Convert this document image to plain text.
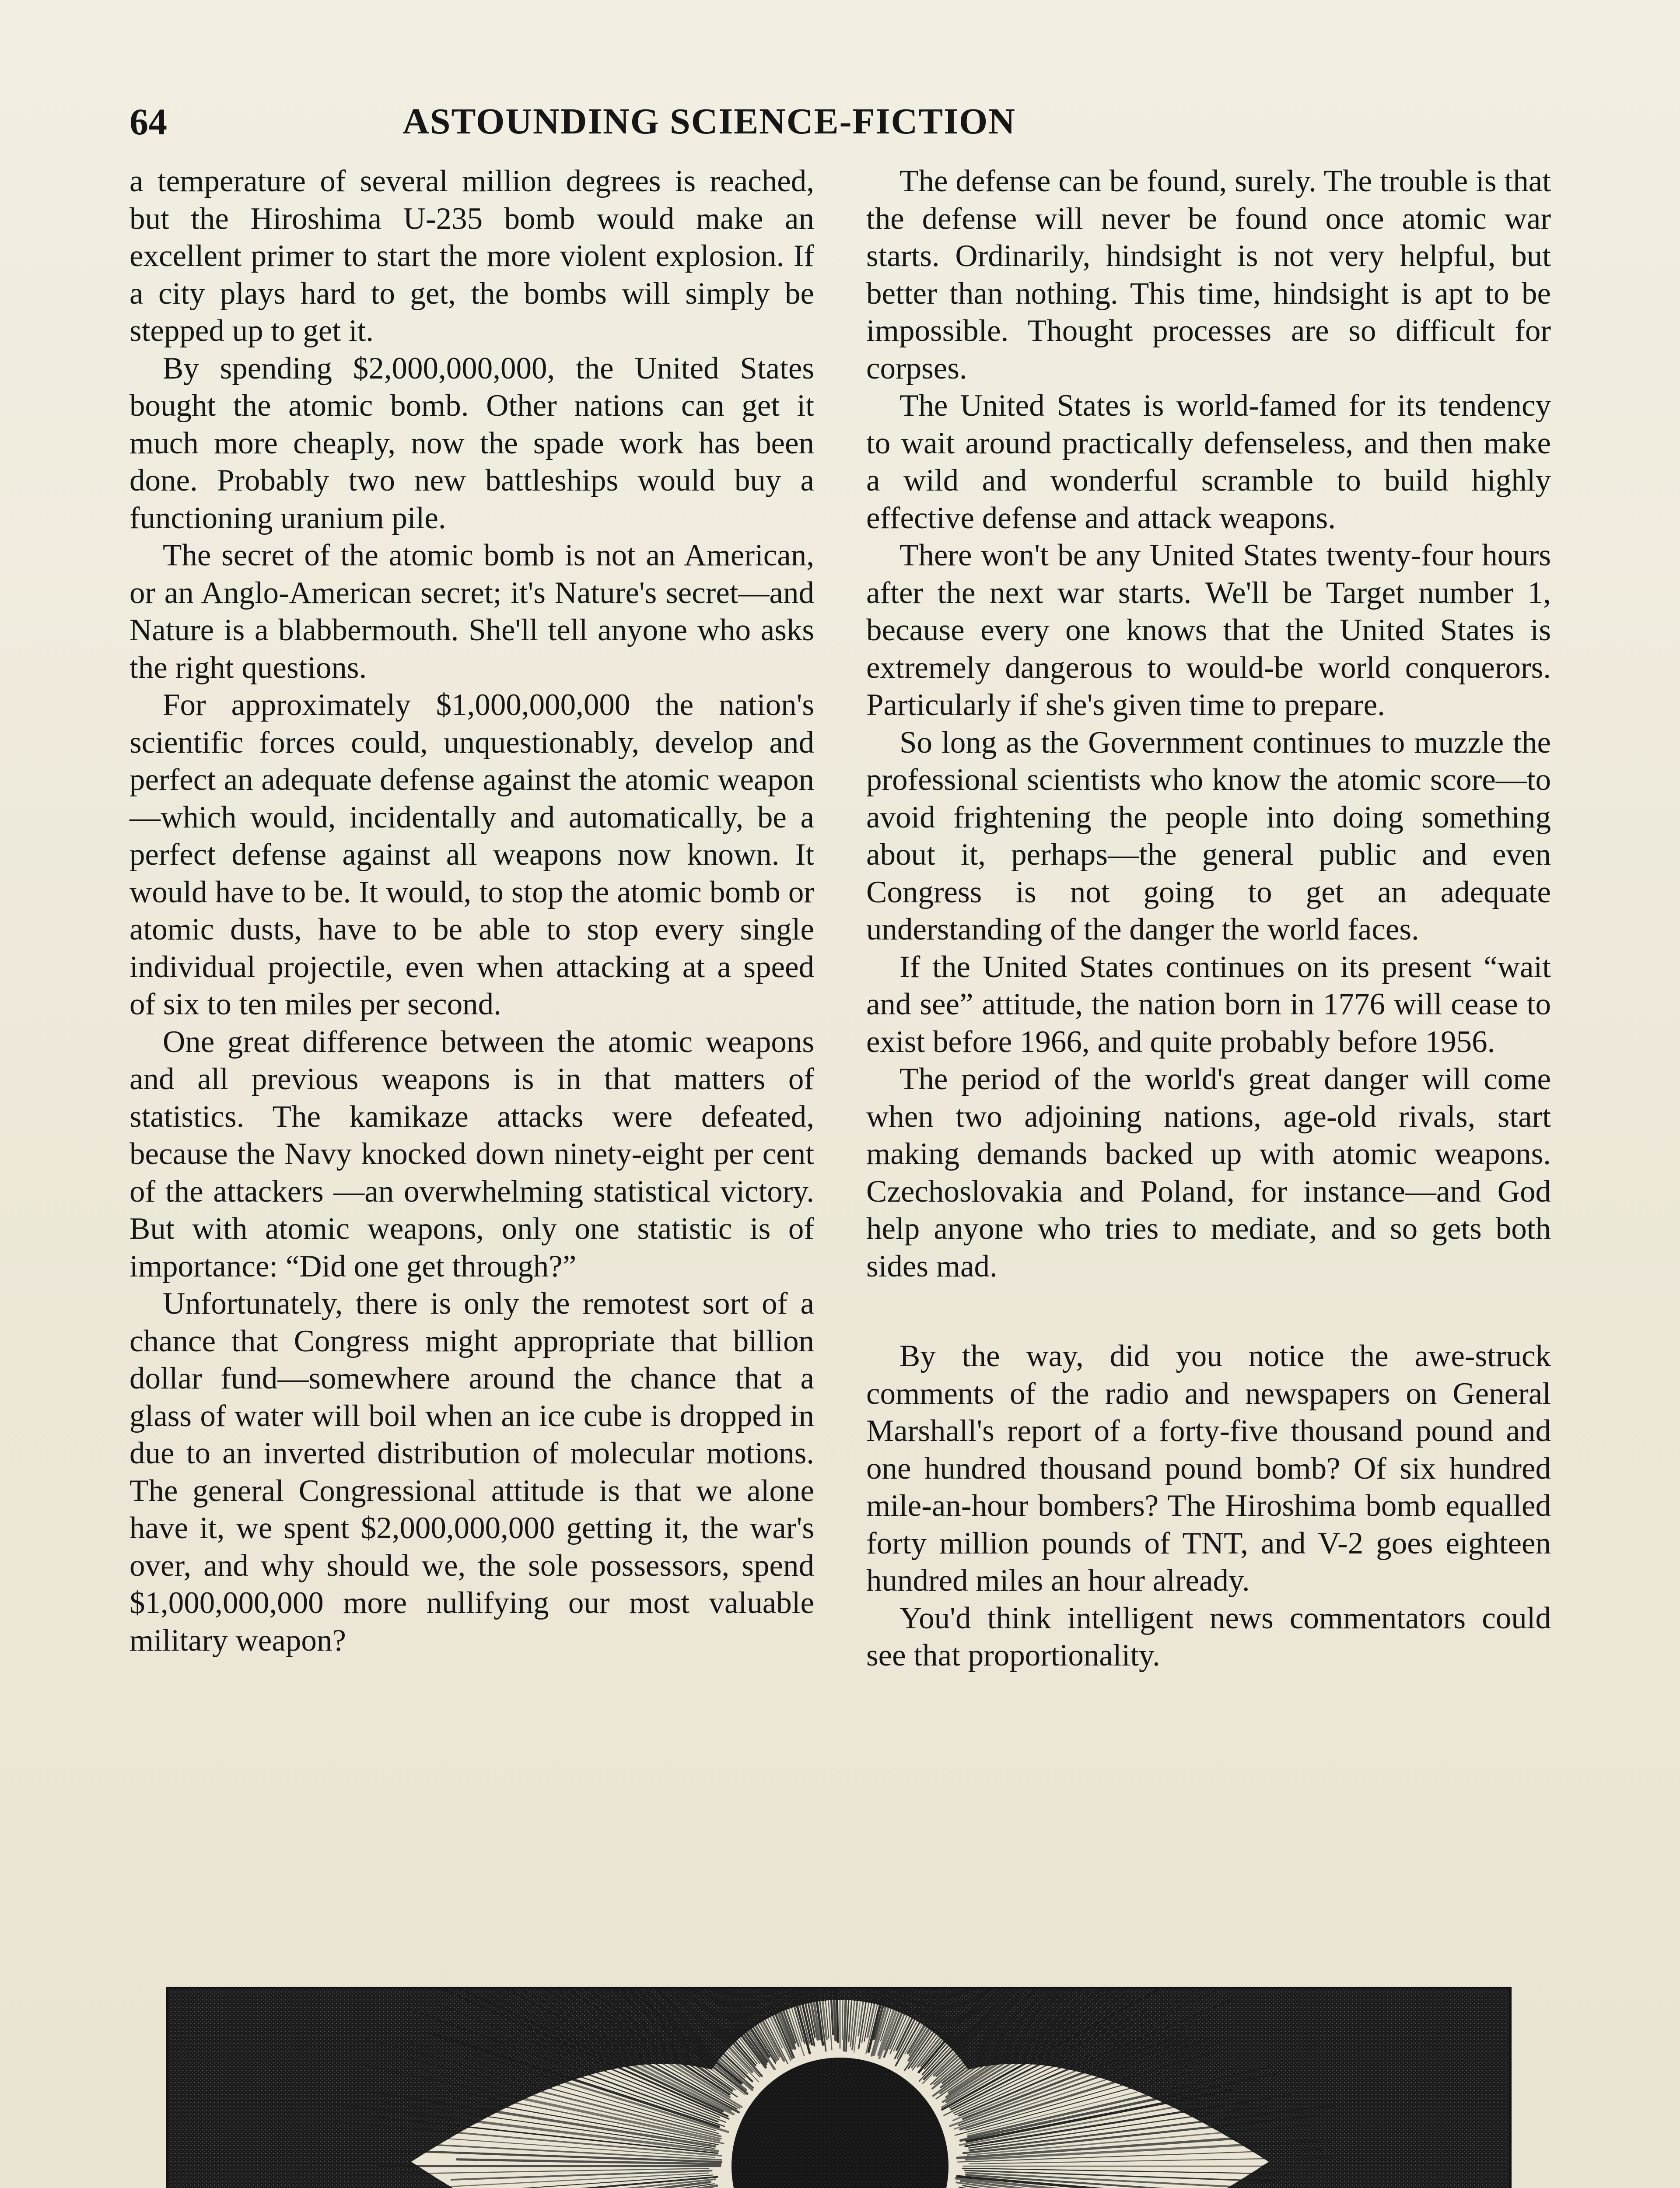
64	ASTOUNDING SCIENCE-FICTION

a temperature of several million degrees is reached, but the Hiroshima U-235 bomb would make an excellent primer to start the more violent explosion. If a city plays hard to get, the bombs will simply be stepped up to get it.

By spending $2,000,000,000, the United States bought the atomic bomb. Other nations can get it much more cheaply, now the spade work has been done. Probably two new battleships would buy a functioning uranium pile.

The secret of the atomic bomb is not an American, or an Anglo-American secret; it's Nature's secret—and Nature is a blabbermouth. She'll tell anyone who asks the right questions.

For approximately $1,000,000,000 the nation's scientific forces could, unquestionably, develop and perfect an adequate defense against the atomic weapon—which would, incidentally and automatically, be a perfect defense against all weapons now known. It would have to be. It would, to stop the atomic bomb or atomic dusts, have to be able to stop every single individual projectile, even when attacking at a speed of six to ten miles per second.

One great difference between the atomic weapons and all previous weapons is in that matters of statistics. The kamikaze attacks were defeated, because the Navy knocked down ninety-eight per cent of the attackers —an overwhelming statistical victory. But with atomic weapons, only one statistic is of importance: “Did one get through?”

Unfortunately, there is only the remotest sort of a chance that Congress might appropriate that billion dollar fund—somewhere around the chance that a glass of water will boil when an ice cube is dropped in due to an inverted distribution of molecular motions. The general Congressional attitude is that we alone have it, we spent $2,000,000,000 getting it, the war's over, and why should we, the sole possessors, spend $1,000,000,000 more nullifying our most valuable military weapon?

The defense can be found, surely. The trouble is that the defense will never be found once atomic war starts. Ordinarily, hindsight is not very helpful, but better than nothing. This time, hindsight is apt to be impossible. Thought processes are so difficult for corpses.

The United States is world-famed for its tendency to wait around practically defenseless, and then make a wild and wonderful scramble to build highly effective defense and attack weapons.

There won't be any United States twenty-four hours after the next war starts. We'll be Target number 1, because every one knows that the United States is extremely dangerous to would-be world conquerors. Particularly if she's given time to prepare.

So long as the Government continues to muzzle the professional scientists who know the atomic score—to avoid frightening the people into doing something about it, perhaps—the general public and even Congress is not going to get an adequate understanding of the danger the world faces.

If the United States continues on its present “wait and see” attitude, the nation born in 1776 will cease to exist before 1966, and quite probably before 1956.

The period of the world's great danger will come when two adjoining nations, age-old rivals, start making demands backed up with atomic weapons. Czechoslovakia and Poland, for instance—and God help anyone who tries to mediate, and so gets both sides mad.

By the way, did you notice the awe-struck comments of the radio and newspapers on General Marshall's report of a forty-five thousand pound and one hundred thousand pound bomb? Of six hundred mile-an-hour bombers? The Hiroshima bomb equalled forty million pounds of TNT, and V-2 goes eighteen hundred miles an hour already.

You'd think intelligent news commentators could see that proportionality.
